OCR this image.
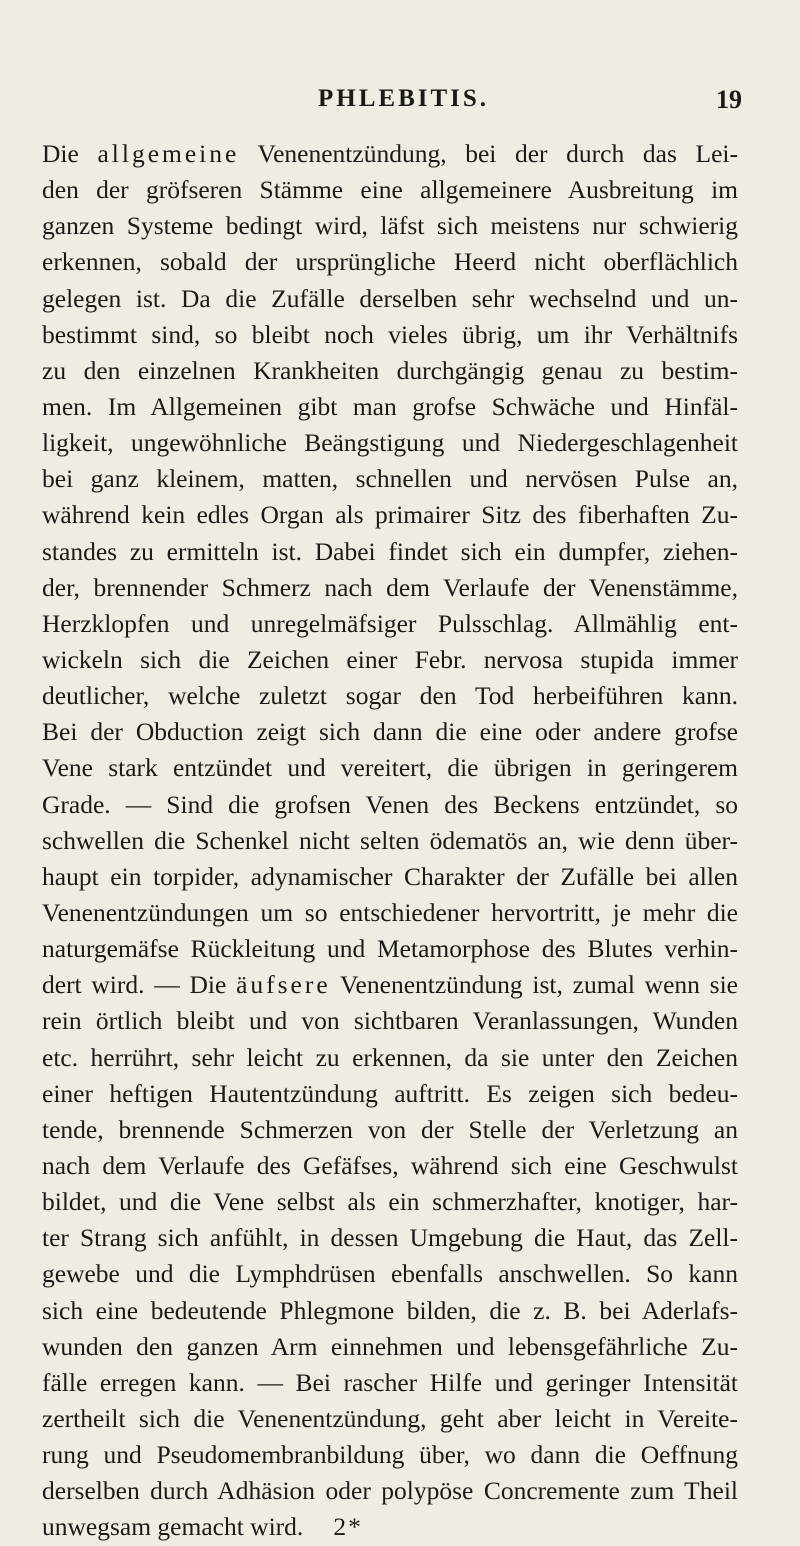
PHLEBITIS.	19
Die allgemeine Venenentzündung, bei der durch das Lei-
den der gröfseren Stämme eine allgemeinere Ausbreitung im
ganzen Systeme bedingt wird, läfst sich meistens nur schwierig
erkennen, sobald der ursprüngliche Heerd nicht oberflächlich
gelegen ist. Da die Zufälle derselben sehr wechselnd und un-
bestimmt sind, so bleibt noch vieles übrig, um ihr Verhältnifs
zu den einzelnen Krankheiten durchgängig genau zu bestim-
men. Im Allgemeinen gibt man grofse Schwäche und Hinfäl-
ligkeit, ungewöhnliche Beängstigung und Niedergeschlagenheit
bei ganz kleinem, matten, schnellen und nervösen Pulse an,
während kein edles Organ als primairer Sitz des fiberhaften Zu-
standes zu ermitteln ist. Dabei findet sich ein dumpfer, ziehen-
der, brennender Schmerz nach dem Verlaufe der Venenstämme,
Herzklopfen und unregelmäfsiger Pulsschlag. Allmählig ent-
wickeln sich die Zeichen einer Febr. nervosa stupida immer
deutlicher, welche zuletzt sogar den Tod herbeiführen kann.
Bei der Obduction zeigt sich dann die eine oder andere grofse
Vene stark entzündet und vereitert, die übrigen in geringerem
Grade. — Sind die grofsen Venen des Beckens entzündet, so
schwellen die Schenkel nicht selten ödematös an, wie denn über-
haupt ein torpider, adynamischer Charakter der Zufälle bei allen
Venenentzündungen um so entschiedener hervortritt, je mehr die
naturgemäfse Rückleitung und Metamorphose des Blutes verhin-
dert wird. — Die äufsere Venenentzündung ist, zumal wenn sie
rein örtlich bleibt und von sichtbaren Veranlassungen, Wunden
etc. herrührt, sehr leicht zu erkennen, da sie unter den Zeichen
einer heftigen Hautentzündung auftritt. Es zeigen sich bedeu-
tende, brennende Schmerzen von der Stelle der Verletzung an
nach dem Verlaufe des Gefäfses, während sich eine Geschwulst
bildet, und die Vene selbst als ein schmerzhafter, knotiger, har-
ter Strang sich anfühlt, in dessen Umgebung die Haut, das Zell-
gewebe und die Lymphdrüsen ebenfalls anschwellen. So kann
sich eine bedeutende Phlegmone bilden, die z. B. bei Aderlafs-
wunden den ganzen Arm einnehmen und lebensgefährliche Zu-
fälle erregen kann. — Bei rascher Hilfe und geringer Intensität
zertheilt sich die Venenentzündung, geht aber leicht in Vereite-
rung und Pseudomembranbildung über, wo dann die Oeffnung
derselben durch Adhäsion oder polypöse Concremente zum Theil
unwegsam gemacht wird. 2*
